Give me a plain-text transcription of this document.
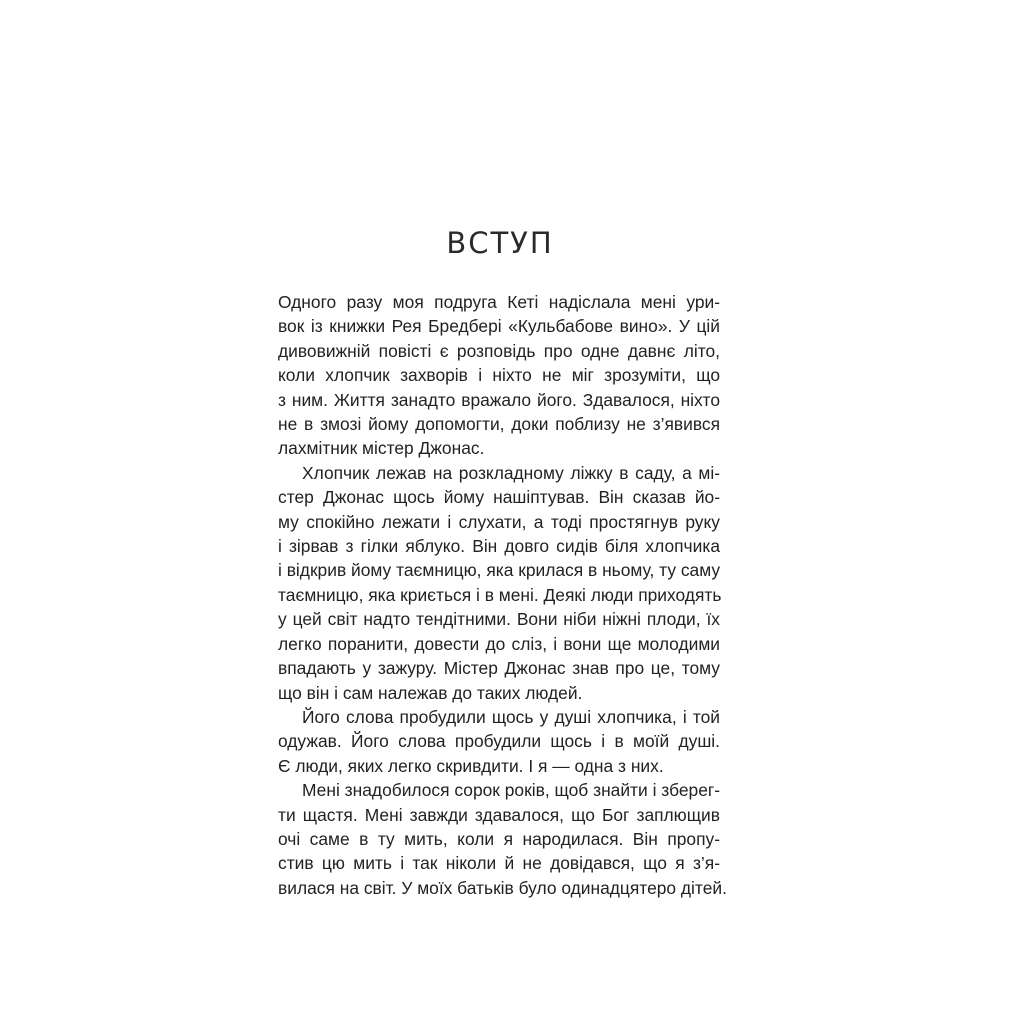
ВСТУП
Одного разу моя подруга Кеті надіслала мені ури-
вок із книжки Рея Бредбері «Кульбабове вино». У цій
дивовижній повісті є розповідь про одне давнє літо,
коли хлопчик захворів і ніхто не міг зрозуміти, що
з ним. Життя занадто вражало його. Здавалося, ніхто
не в змозі йому допомогти, доки поблизу не з’явився
лахмітник містер Джонас.
Хлопчик лежав на розкладному ліжку в саду, а мі-
стер Джонас щось йому нашіптував. Він сказав йо-
му спокійно лежати і слухати, а тоді простягнув руку
і зірвав з гілки яблуко. Він довго сидів біля хлопчика
і відкрив йому таємницю, яка крилася в ньому, ту саму
таємницю, яка криється і в мені. Деякі люди приходять
у цей світ надто тендітними. Вони ніби ніжні плоди, їх
легко поранити, довести до сліз, і вони ще молодими
впадають у зажуру. Містер Джонас знав про це, тому
що він і сам належав до таких людей.
Його слова пробудили щось у душі хлопчика, і той
одужав. Його слова пробудили щось і в моїй душі.
Є люди, яких легко скривдити. І я — одна з них.
Мені знадобилося сорок років, щоб знайти і зберег-
ти щастя. Мені завжди здавалося, що Бог заплющив
очі саме в ту мить, коли я народилася. Він пропу-
стив цю мить і так ніколи й не довідався, що я з’я-
вилася на світ. У моїх батьків було одинадцятеро дітей.
